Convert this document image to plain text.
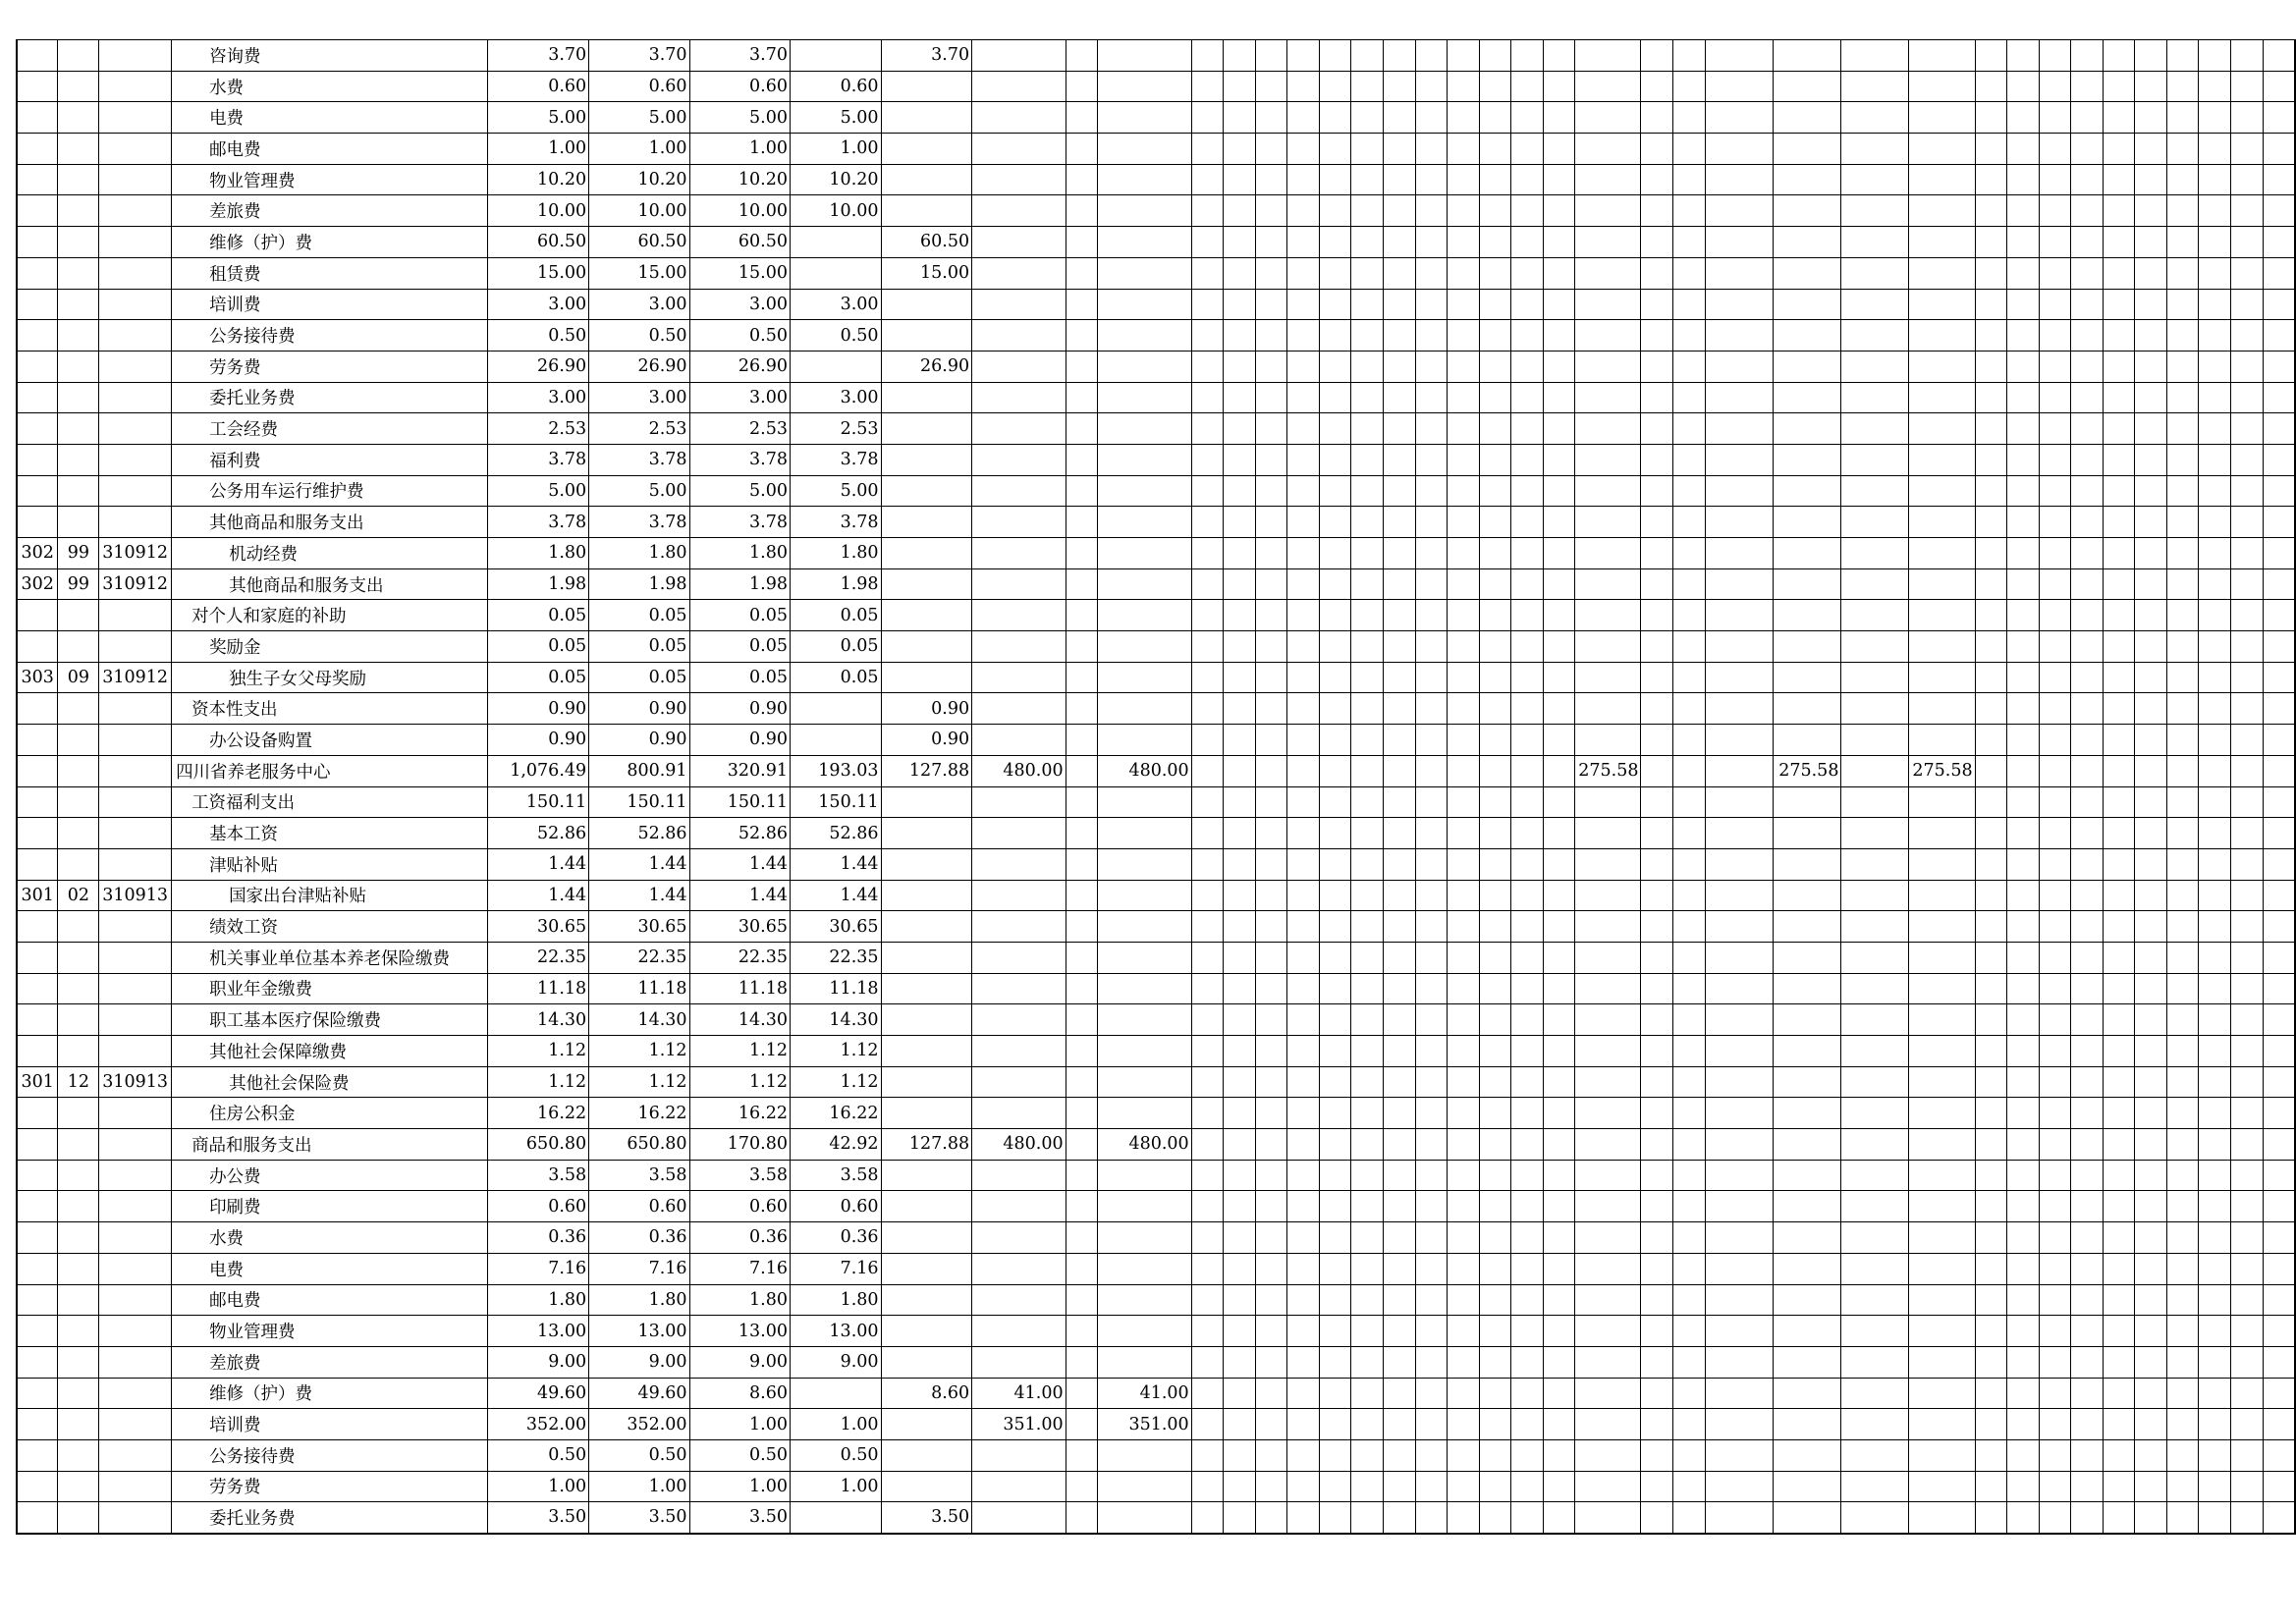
			咨询费	3.70	3.70	3.70		3.70																																
			水费	0.60	0.60	0.60	0.60																																	
			电费	5.00	5.00	5.00	5.00																																	
			邮电费	1.00	1.00	1.00	1.00																																	
			物业管理费	10.20	10.20	10.20	10.20																																	
			差旅费	10.00	10.00	10.00	10.00																																	
			维修（护）费	60.50	60.50	60.50		60.50																																
			租赁费	15.00	15.00	15.00		15.00																																
			培训费	3.00	3.00	3.00	3.00																																	
			公务接待费	0.50	0.50	0.50	0.50																																	
			劳务费	26.90	26.90	26.90		26.90																																
			委托业务费	3.00	3.00	3.00	3.00																																	
			工会经费	2.53	2.53	2.53	2.53																																	
			福利费	3.78	3.78	3.78	3.78																																	
			公务用车运行维护费	5.00	5.00	5.00	5.00																																	
			其他商品和服务支出	3.78	3.78	3.78	3.78																																	
302	99	310912	机动经费	1.80	1.80	1.80	1.80																																	
302	99	310912	其他商品和服务支出	1.98	1.98	1.98	1.98																																	
			对个人和家庭的补助	0.05	0.05	0.05	0.05																																	
			奖励金	0.05	0.05	0.05	0.05																																	
303	09	310912	独生子女父母奖励	0.05	0.05	0.05	0.05																																	
			资本性支出	0.90	0.90	0.90		0.90																																
			办公设备购置	0.90	0.90	0.90		0.90																																
			四川省养老服务中心	1,076.49	800.91	320.91	193.03	127.88	480.00		480.00													275.58				275.58		275.58										
			工资福利支出	150.11	150.11	150.11	150.11																																	
			基本工资	52.86	52.86	52.86	52.86																																	
			津贴补贴	1.44	1.44	1.44	1.44																																	
301	02	310913	国家出台津贴补贴	1.44	1.44	1.44	1.44																																	
			绩效工资	30.65	30.65	30.65	30.65																																	
			机关事业单位基本养老保险缴费	22.35	22.35	22.35	22.35																																	
			职业年金缴费	11.18	11.18	11.18	11.18																																	
			职工基本医疗保险缴费	14.30	14.30	14.30	14.30																																	
			其他社会保障缴费	1.12	1.12	1.12	1.12																																	
301	12	310913	其他社会保险费	1.12	1.12	1.12	1.12																																	
			住房公积金	16.22	16.22	16.22	16.22																																	
			商品和服务支出	650.80	650.80	170.80	42.92	127.88	480.00		480.00																													
			办公费	3.58	3.58	3.58	3.58																																	
			印刷费	0.60	0.60	0.60	0.60																																	
			水费	0.36	0.36	0.36	0.36																																	
			电费	7.16	7.16	7.16	7.16																																	
			邮电费	1.80	1.80	1.80	1.80																																	
			物业管理费	13.00	13.00	13.00	13.00																																	
			差旅费	9.00	9.00	9.00	9.00																																	
			维修（护）费	49.60	49.60	8.60		8.60	41.00		41.00																													
			培训费	352.00	352.00	1.00	1.00		351.00		351.00																													
			公务接待费	0.50	0.50	0.50	0.50																																	
			劳务费	1.00	1.00	1.00	1.00																																	
			委托业务费	3.50	3.50	3.50		3.50																																
